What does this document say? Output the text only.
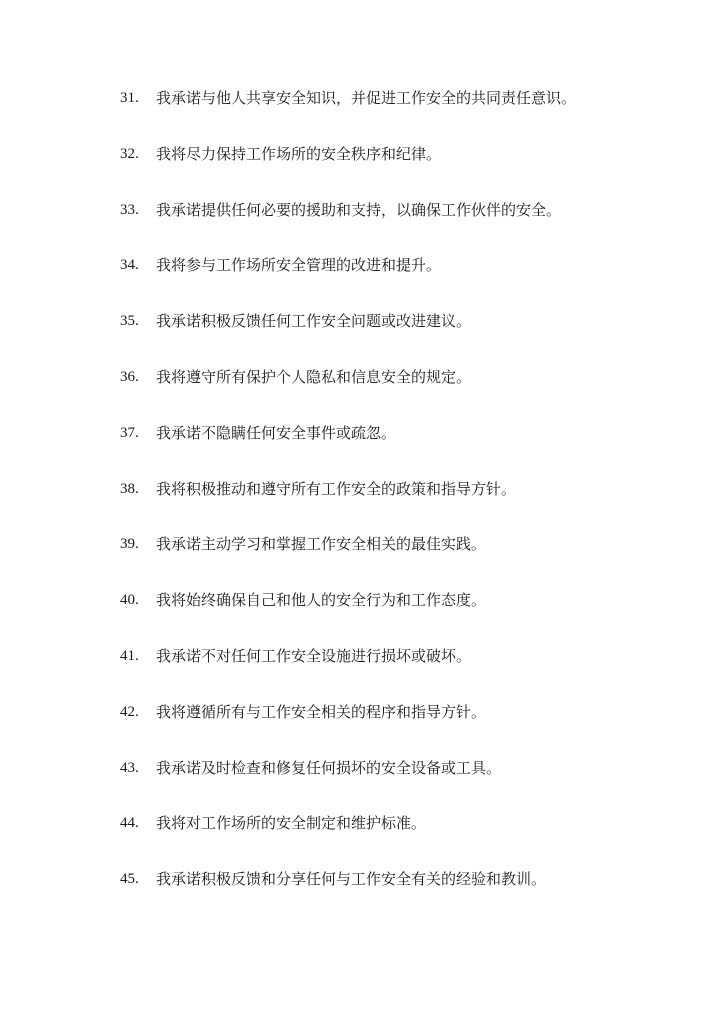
31.	我承诺与他人共享安全知识，并促进工作安全的共同责任意识。
32.	我将尽力保持工作场所的安全秩序和纪律。
33.	我承诺提供任何必要的援助和支持，以确保工作伙伴的安全。
34.	我将参与工作场所安全管理的改进和提升。
35.	我承诺积极反馈任何工作安全问题或改进建议。
36.	我将遵守所有保护个人隐私和信息安全的规定。
37.	我承诺不隐瞒任何安全事件或疏忽。
38.	我将积极推动和遵守所有工作安全的政策和指导方针。
39.	我承诺主动学习和掌握工作安全相关的最佳实践。
40.	我将始终确保自己和他人的安全行为和工作态度。
41.	我承诺不对任何工作安全设施进行损坏或破坏。
42.	我将遵循所有与工作安全相关的程序和指导方针。
43.	我承诺及时检查和修复任何损坏的安全设备或工具。
44.	我将对工作场所的安全制定和维护标准。
45.	我承诺积极反馈和分享任何与工作安全有关的经验和教训。
